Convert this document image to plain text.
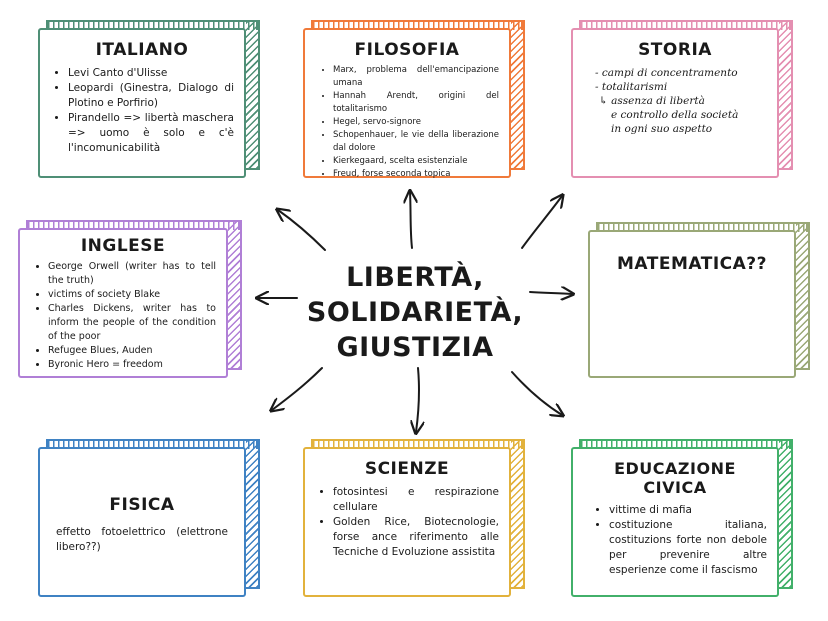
LIBERTÀ,
SOLIDARIETÀ,
GIUSTIZIA
ITALIANO
• Levi Canto d'Ulisse
• Leopardi (Ginestra, Dialogo di Plotino e Porfirio)
• Pirandello => libertà maschera => uomo è solo e c'è l'incomunicabilità
FILOSOFIA
• Marx, problema dell'emancipazione umana
• Hannah Arendt, origini del totalitarismo
• Hegel, servo-signore
• Schopenhauer, le vie della liberazione dal dolore
• Kierkegaard, scelta esistenziale
• Freud, forse seconda topica
STORIA
- campi di concentramento
- totalitarismi
↳ assenza di libertà
e controllo della società
in ogni suo aspetto
INGLESE
• George Orwell (writer has to tell the truth)
• victims of society Blake
• Charles Dickens, writer has to inform the people of the condition of the poor
• Refugee Blues, Auden
• Byronic Hero = freedom
MATEMATICA??
FISICA
effetto fotoelettrico (elettrone libero??)
SCIENZE
• fotosintesi e respirazione cellulare
• Golden Rice, Biotecnologie, forse ance riferimento alle Tecniche d Evoluzione assistita
EDUCAZIONE CIVICA
• vittime di mafia
• costituzione italiana, costituzions forte non debole per prevenire altre esperienze come il fascismo
